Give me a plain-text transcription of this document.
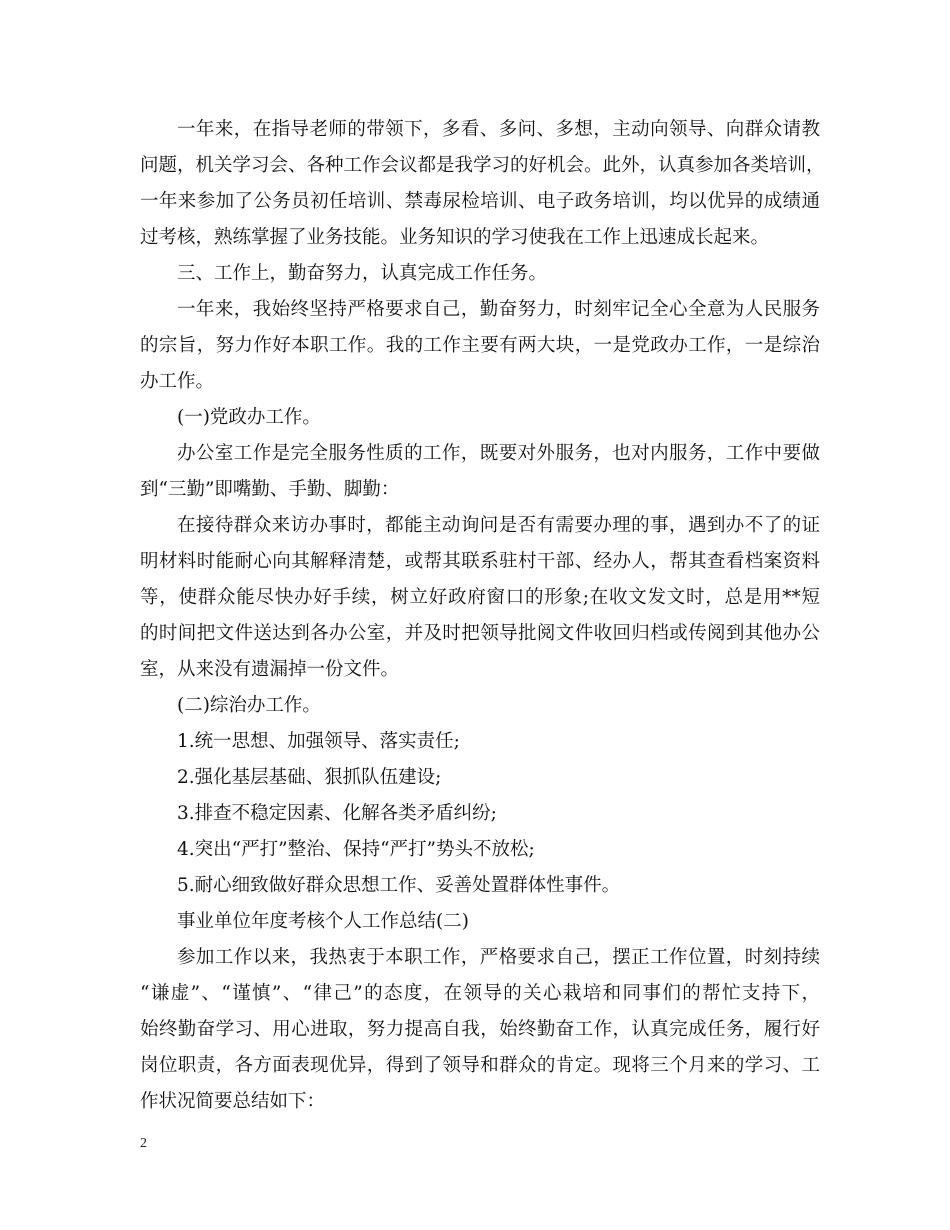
一年来，在指导老师的带领下，多看、多问、多想，主动向领导、向群众请教
问题，机关学习会、各种工作会议都是我学习的好机会。此外，认真参加各类培训，
一年来参加了公务员初任培训、禁毒尿检培训、电子政务培训，均以优异的成绩通
过考核，熟练掌握了业务技能。业务知识的学习使我在工作上迅速成长起来。
三、工作上，勤奋努力，认真完成工作任务。
一年来，我始终坚持严格要求自己，勤奋努力，时刻牢记全心全意为人民服务
的宗旨，努力作好本职工作。我的工作主要有两大块，一是党政办工作，一是综治
办工作。
(一)党政办工作。
办公室工作是完全服务性质的工作，既要对外服务，也对内服务，工作中要做
到“三勤”即嘴勤、手勤、脚勤：
在接待群众来访办事时，都能主动询问是否有需要办理的事，遇到办不了的证
明材料时能耐心向其解释清楚，或帮其联系驻村干部、经办人，帮其查看档案资料
等，使群众能尽快办好手续，树立好政府窗口的形象;在收文发文时，总是用**短
的时间把文件送达到各办公室，并及时把领导批阅文件收回归档或传阅到其他办公
室，从来没有遗漏掉一份文件。
(二)综治办工作。
1.统一思想、加强领导、落实责任;
2.强化基层基础、狠抓队伍建设;
3.排查不稳定因素、化解各类矛盾纠纷;
4.突出“严打”整治、保持“严打”势头不放松;
5.耐心细致做好群众思想工作、妥善处置群体性事件。
事业单位年度考核个人工作总结(二)
参加工作以来，我热衷于本职工作，严格要求自己，摆正工作位置，时刻持续
“谦虚”、“谨慎”、“律己”的态度，在领导的关心栽培和同事们的帮忙支持下，
始终勤奋学习、用心进取，努力提高自我，始终勤奋工作，认真完成任务，履行好
岗位职责，各方面表现优异，得到了领导和群众的肯定。现将三个月来的学习、工
作状况简要总结如下：
2
